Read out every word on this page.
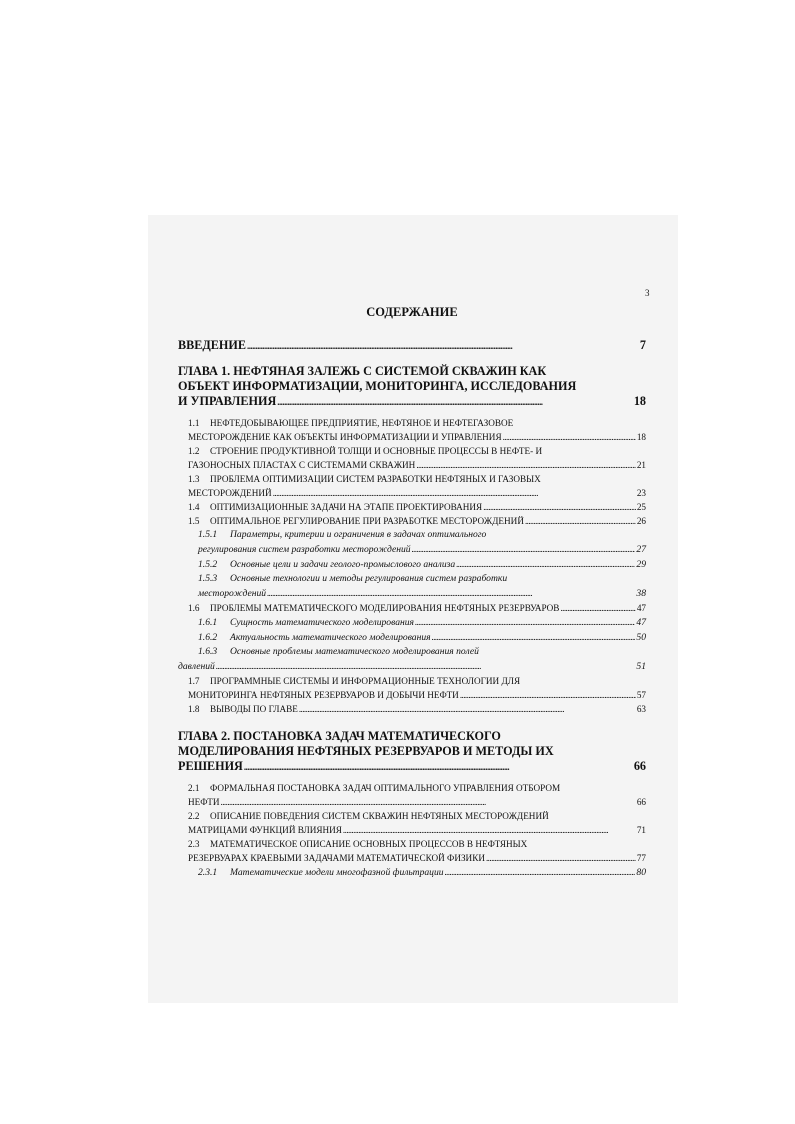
3
СОДЕРЖАНИЕ
ВВЕДЕНИЕ . . .	7
ГЛАВА 1. НЕФТЯНАЯ ЗАЛЕЖЬ С СИСТЕМОЙ СКВАЖИН КАК
ОБЪЕКТ ИНФОРМАТИЗАЦИИ, МОНИТОРИНГА, ИССЛЕДОВАНИЯ
И УПРАВЛЕНИЯ . . .	18
1.1 НЕФТЕДОБЫВАЮЩЕЕ ПРЕДПРИЯТИЕ, НЕФТЯНОЕ И НЕФТЕГАЗОВОЕ
МЕСТОРОЖДЕНИЕ КАК ОБЪЕКТЫ ИНФОРМАТИЗАЦИИ И УПРАВЛЕНИЯ . . .	18
1.2 СТРОЕНИЕ ПРОДУКТИВНОЙ ТОЛЩИ И ОСНОВНЫЕ ПРОЦЕССЫ В НЕФТЕ- И
ГАЗОНОСНЫХ ПЛАСТАХ С СИСТЕМАМИ СКВАЖИН . . .	21
1.3 ПРОБЛЕМА ОПТИМИЗАЦИИ СИСТЕМ РАЗРАБОТКИ НЕФТЯНЫХ И ГАЗОВЫХ
МЕСТОРОЖДЕНИЙ . . .	23
1.4 ОПТИМИЗАЦИОННЫЕ ЗАДАЧИ НА ЭТАПЕ ПРОЕКТИРОВАНИЯ . . .	25
1.5 ОПТИМАЛЬНОЕ РЕГУЛИРОВАНИЕ ПРИ РАЗРАБОТКЕ МЕСТОРОЖДЕНИЙ . . .	26
1.5.1 Параметры, критерии и ограничения в задачах оптимального
регулирования систем разработки месторождений . . .	27
1.5.2 Основные цели и задачи геолого-промыслового анализа . . .	29
1.5.3 Основные технологии и методы регулирования систем разработки
месторождений . . .	38
1.6 ПРОБЛЕМЫ МАТЕМАТИЧЕСКОГО МОДЕЛИРОВАНИЯ НЕФТЯНЫХ РЕЗЕРВУАРОВ . . .	47
1.6.1 Сущность математического моделирования . . .	47
1.6.2 Актуальность математического моделирования . . .	50
1.6.3 Основные проблемы математического моделирования полей
давлений . . .	51
1.7 ПРОГРАММНЫЕ СИСТЕМЫ И ИНФОРМАЦИОННЫЕ ТЕХНОЛОГИИ ДЛЯ
МОНИТОРИНГА НЕФТЯНЫХ РЕЗЕРВУАРОВ И ДОБЫЧИ НЕФТИ . . .	57
1.8 ВЫВОДЫ ПО ГЛАВЕ . . .	63
ГЛАВА 2. ПОСТАНОВКА ЗАДАЧ МАТЕМАТИЧЕСКОГО
МОДЕЛИРОВАНИЯ НЕФТЯНЫХ РЕЗЕРВУАРОВ И МЕТОДЫ ИХ
РЕШЕНИЯ . . .	66
2.1 ФОРМАЛЬНАЯ ПОСТАНОВКА ЗАДАЧ ОПТИМАЛЬНОГО УПРАВЛЕНИЯ ОТБОРОМ
НЕФТИ . . .	66
2.2 ОПИСАНИЕ ПОВЕДЕНИЯ СИСТЕМ СКВАЖИН НЕФТЯНЫХ МЕСТОРОЖДЕНИЙ
МАТРИЦАМИ ФУНКЦИЙ ВЛИЯНИЯ . . .	71
2.3 МАТЕМАТИЧЕСКОЕ ОПИСАНИЕ ОСНОВНЫХ ПРОЦЕССОВ В НЕФТЯНЫХ
РЕЗЕРВУАРАХ КРАЕВЫМИ ЗАДАЧАМИ МАТЕМАТИЧЕСКОЙ ФИЗИКИ . . .	77
2.3.1 Математические модели многофазной фильтрации . . .	80
